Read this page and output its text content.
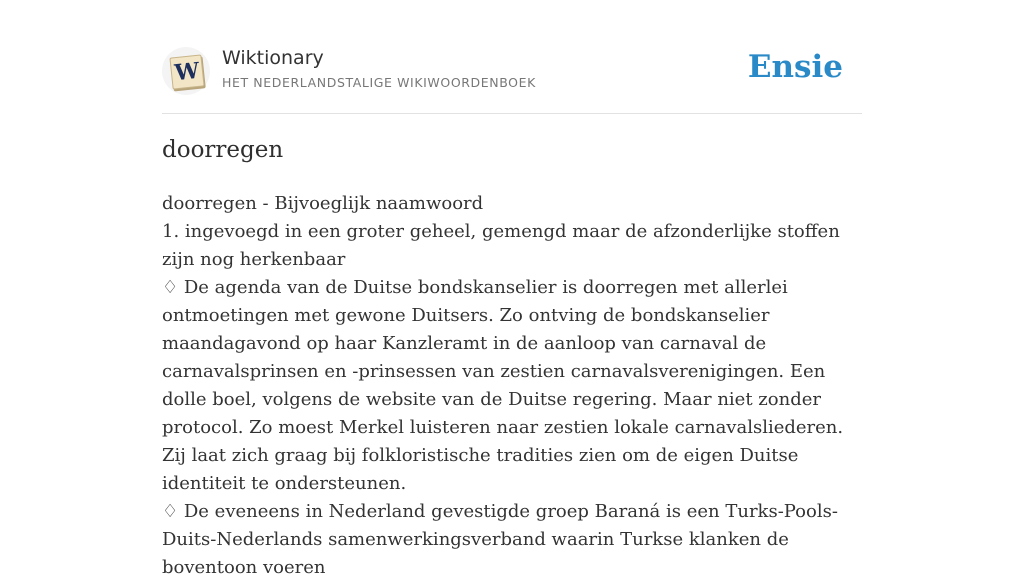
W Wiktionary
HET NEDERLANDSTALIGE WIKIWOORDENBOEK	Ensie
doorregen

doorregen - Bijvoeglijk naamwoord

1. ingevoegd in een groter geheel, gemengd maar de afzonderlijke stoffen zijn nog herkenbaar

♢ De agenda van de Duitse bondskanselier is doorregen met allerlei ontmoetingen met gewone Duitsers. Zo ontving de bondskanselier maandagavond op haar Kanzleramt in de aanloop van carnaval de carnavalsprinsen en -prinsessen van zestien carnavalsverenigingen. Een dolle boel, volgens de website van de Duitse regering. Maar niet zonder protocol. Zo moest Merkel luisteren naar zestien lokale carnavalsliederen. Zij laat zich graag bij folkloristische tradities zien om de eigen Duitse identiteit te ondersteunen.

♢ De eveneens in Nederland gevestigde groep Baraná is een Turks-Pools-Duits-Nederlands samenwerkingsverband waarin Turkse klanken de boventoon voeren
